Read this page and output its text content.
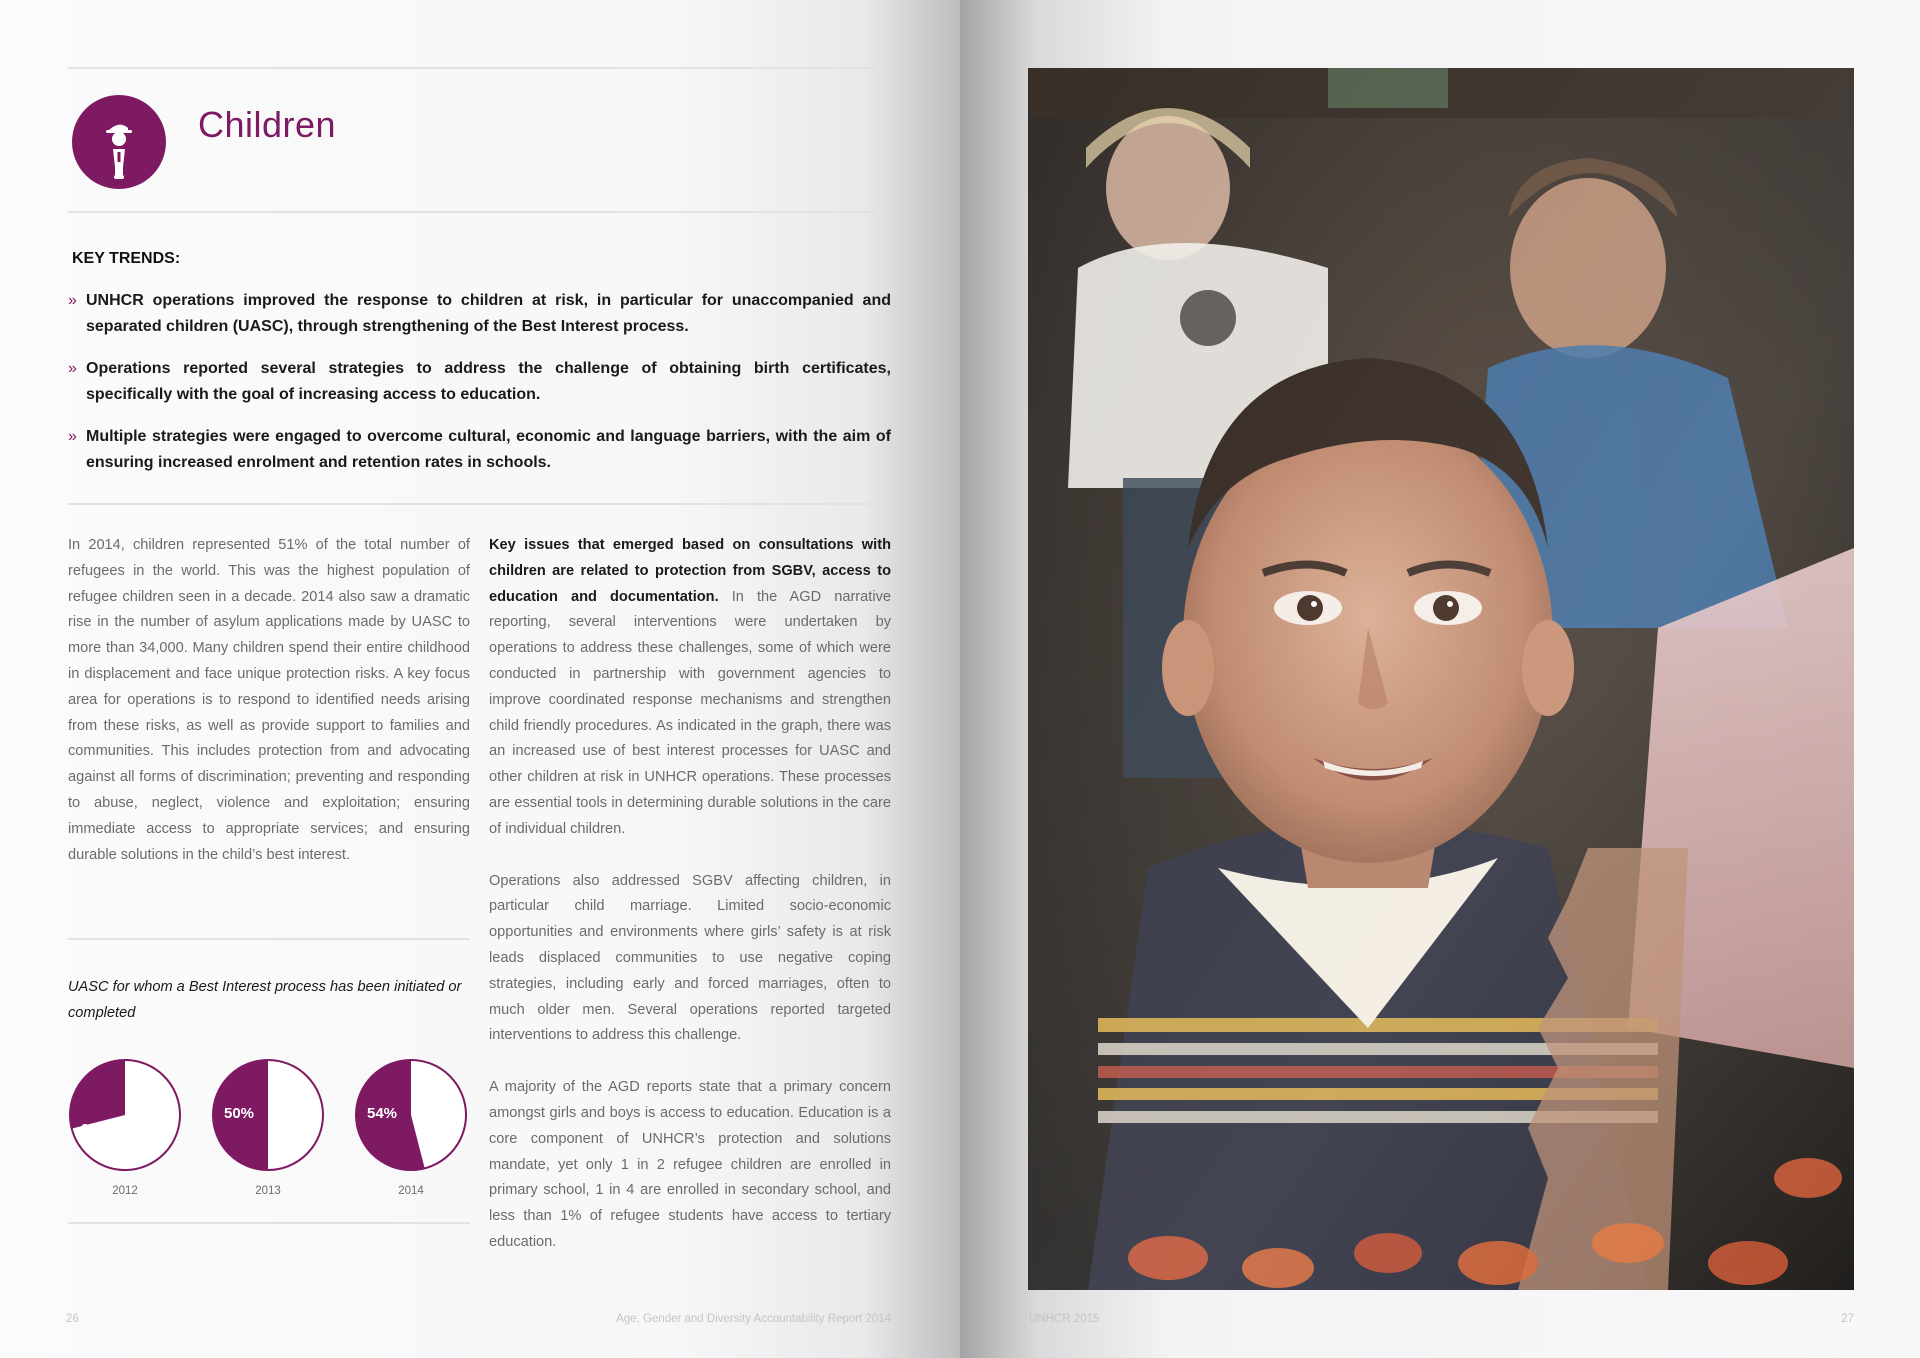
Children
KEY TRENDS:
» UNHCR operations improved the response to children at risk, in particular for unaccompanied and separated children (UASC), through strengthening of the Best Interest process.
» Operations reported several strategies to address the challenge of obtaining birth certificates, specifically with the goal of increasing access to education.
» Multiple strategies were engaged to overcome cultural, economic and language barriers, with the aim of ensuring increased enrolment and retention rates in schools.

In 2014, children represented 51% of the total number of refugees in the world. This was the highest population of refugee children seen in a decade. 2014 also saw a dramatic rise in the number of asylum applications made by UASC to more than 34,000. Many children spend their entire childhood in displacement and face unique protection risks. A key focus area for operations is to respond to identified needs arising from these risks, as well as provide support to families and communities. This includes protection from and advocating against all forms of discrimination; preventing and responding to abuse, neglect, violence and exploitation; ensuring immediate access to appropriate services; and ensuring durable solutions in the child’s best interest.

Key issues that emerged based on consultations with children are related to protection from SGBV, access to education and documentation. In the AGD narrative reporting, several interventions were undertaken by operations to address these challenges, some of which were conducted in partnership with government agencies to improve coordinated response mechanisms and strengthen child friendly procedures. As indicated in the graph, there was an increased use of best interest processes for UASC and other children at risk in UNHCR operations. These processes are essential tools in determining durable solutions in the care of individual children.

Operations also addressed SGBV affecting children, in particular child marriage. Limited socio-economic opportunities and environments where girls’ safety is at risk leads displaced communities to use negative coping strategies, including early and forced marriages, often to much older men. Several operations reported targeted interventions to address this challenge.

A majority of the AGD reports state that a primary concern amongst girls and boys is access to education. Education is a core component of UNHCR’s protection and solutions mandate, yet only 1 in 2 refugee children are enrolled in primary school, 1 in 4 are enrolled in secondary school, and less than 1% of refugee students have access to tertiary education.

UASC for whom a Best Interest process has been initiated or completed
29%
2012
50%
2013
54%
2014
26	Age, Gender and Diversity Accountability Report 2014	UNHCR 2015	27
